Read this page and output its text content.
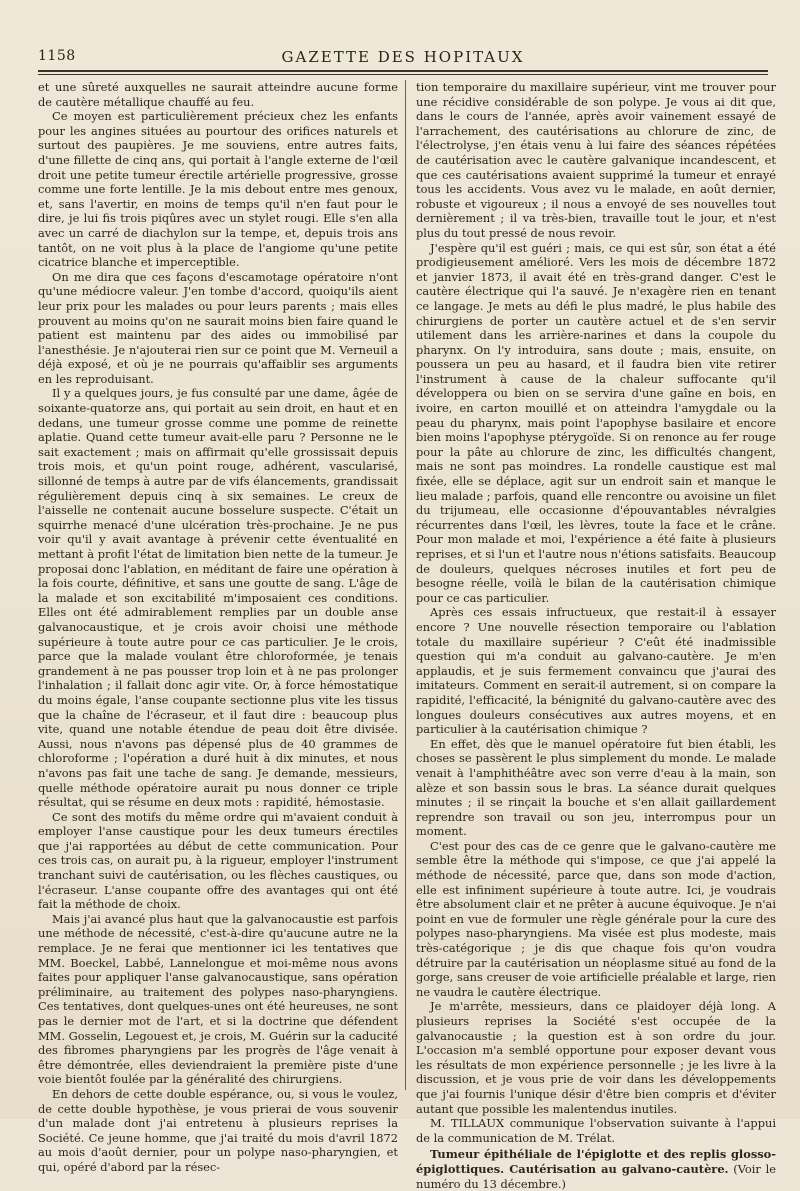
1158	GAZETTE DES HOPITAUX

et une sûreté auxquelles ne saurait atteindre aucune forme de cautère métallique chauffé au feu.

Ce moyen est particulièrement précieux chez les enfants pour les angines situées au pourtour des orifices naturels et surtout des paupières. Je me souviens, entre autres faits, d'une fillette de cinq ans, qui portait à l'angle externe de l'œil droit une petite tumeur érectile artérielle progressive, grosse comme une forte lentille. Je la mis debout entre mes genoux, et, sans l'avertir, en moins de temps qu'il n'en faut pour le dire, je lui fis trois piqûres avec un stylet rougi. Elle s'en alla avec un carré de diachylon sur la tempe, et, depuis trois ans tantôt, on ne voit plus à la place de l'angiome qu'une petite cicatrice blanche et imperceptible.

On me dira que ces façons d'escamotage opératoire n'ont qu'une médiocre valeur. J'en tombe d'accord, quoiqu'ils aient leur prix pour les malades ou pour leurs parents ; mais elles prouvent au moins qu'on ne saurait moins bien faire quand le patient est maintenu par des aides ou immobilisé par l'anesthésie. Je n'ajouterai rien sur ce point que M. Verneuil a déjà exposé, et où je ne pourrais qu'affaiblir ses arguments en les reproduisant.

Il y a quelques jours, je fus consulté par une dame, âgée de soixante-quatorze ans, qui portait au sein droit, en haut et en dedans, une tumeur grosse comme une pomme de reinette aplatie. Quand cette tumeur avait-elle paru ? Personne ne le sait exactement ; mais on affirmait qu'elle grossissait depuis trois mois, et qu'un point rouge, adhérent, vascularisé, sillonné de temps à autre par de vifs élancements, grandissait régulièrement depuis cinq à six semaines. Le creux de l'aisselle ne contenait aucune bosselure suspecte. C'était un squirrhe menacé d'une ulcération très-prochaine. Je ne pus voir qu'il y avait avantage à prévenir cette éventualité en mettant à profit l'état de limitation bien nette de la tumeur. Je proposai donc l'ablation, en méditant de faire une opération à la fois courte, définitive, et sans une goutte de sang. L'âge de la malade et son excitabilité m'imposaient ces conditions. Elles ont été admirablement remplies par un double anse galvanocaustique, et je crois avoir choisi une méthode supérieure à toute autre pour ce cas particulier. Je le crois, parce que la malade voulant être chloroformée, je tenais grandement à ne pas pousser trop loin et à ne pas prolonger l'inhalation ; il fallait donc agir vite. Or, à force hémostatique du moins égale, l'anse coupante sectionne plus vite les tissus que la chaîne de l'écraseur, et il faut dire : beaucoup plus vite, quand une notable étendue de peau doit être divisée. Aussi, nous n'avons pas dépensé plus de 40 grammes de chloroforme ; l'opération a duré huit à dix minutes, et nous n'avons pas fait une tache de sang. Je demande, messieurs, quelle méthode opératoire aurait pu nous donner ce triple résultat, qui se résume en deux mots : rapidité, hémostasie.

Ce sont des motifs du même ordre qui m'avaient conduit à employer l'anse caustique pour les deux tumeurs érectiles que j'ai rapportées au début de cette communication. Pour ces trois cas, on aurait pu, à la rigueur, employer l'instrument tranchant suivi de cautérisation, ou les flèches caustiques, ou l'écraseur. L'anse coupante offre des avantages qui ont été fait la méthode de choix.

Mais j'ai avancé plus haut que la galvanocaustie est parfois une méthode de nécessité, c'est-à-dire qu'aucune autre ne la remplace. Je ne ferai que mentionner ici les tentatives que MM. Boeckel, Labbé, Lannelongue et moi-même nous avons faites pour appliquer l'anse galvanocaustique, sans opération préliminaire, au traitement des polypes naso-pharyngiens. Ces tentatives, dont quelques-unes ont été heureuses, ne sont pas le dernier mot de l'art, et si la doctrine que défendent MM. Gosselin, Legouest et, je crois, M. Guérin sur la caducité des fibromes pharyngiens par les progrès de l'âge venait à être démontrée, elles deviendraient la première piste d'une voie bientôt foulée par la généralité des chirurgiens.

En dehors de cette double espérance, ou, si vous le voulez, de cette double hypothèse, je vous prierai de vous souvenir d'un malade dont j'ai entretenu à plusieurs reprises la Société. Ce jeune homme, que j'ai traité du mois d'avril 1872 au mois d'août dernier, pour un polype naso-pharyngien, et qui, opéré d'abord par la résec-

tion temporaire du maxillaire supérieur, vint me trouver pour une récidive considérable de son polype. Je vous ai dit que, dans le cours de l'année, après avoir vainement essayé de l'arrachement, des cautérisations au chlorure de zinc, de l'électrolyse, j'en étais venu à lui faire des séances répétées de cautérisation avec le cautère galvanique incandescent, et que ces cautérisations avaient supprimé la tumeur et enrayé tous les accidents. Vous avez vu le malade, en août dernier, robuste et vigoureux ; il nous a envoyé de ses nouvelles tout dernièrement ; il va très-bien, travaille tout le jour, et n'est plus du tout pressé de nous revoir.

J'espère qu'il est guéri ; mais, ce qui est sûr, son état a été prodigieusement amélioré. Vers les mois de décembre 1872 et janvier 1873, il avait été en très-grand danger. C'est le cautère électrique qui l'a sauvé. Je n'exagère rien en tenant ce langage. Je mets au défi le plus madré, le plus habile des chirurgiens de porter un cautère actuel et de s'en servir utilement dans les arrière-narines et dans la coupole du pharynx. On l'y introduira, sans doute ; mais, ensuite, on poussera un peu au hasard, et il faudra bien vite retirer l'instrument à cause de la chaleur suffocante qu'il développera ou bien on se servira d'une gaîne en bois, en ivoire, en carton mouillé et on atteindra l'amygdale ou la peau du pharynx, mais point l'apophyse basilaire et encore bien moins l'apophyse ptérygoïde. Si on renonce au fer rouge pour la pâte au chlorure de zinc, les difficultés changent, mais ne sont pas moindres. La rondelle caustique est mal fixée, elle se déplace, agit sur un endroit sain et manque le lieu malade ; parfois, quand elle rencontre ou avoisine un filet du trijumeau, elle occasionne d'épouvantables névralgies récurrentes dans l'œil, les lèvres, toute la face et le crâne. Pour mon malade et moi, l'expérience a été faite à plusieurs reprises, et si l'un et l'autre nous n'étions satisfaits. Beaucoup de douleurs, quelques nécroses inutiles et fort peu de besogne réelle, voilà le bilan de la cautérisation chimique pour ce cas particulier.

Après ces essais infructueux, que restait-il à essayer encore ? Une nouvelle résection temporaire ou l'ablation totale du maxillaire supérieur ? C'eût été inadmissible question qui m'a conduit au galvano-cautère. Je m'en applaudis, et je suis fermement convaincu que j'aurai des imitateurs. Comment en serait-il autrement, si on compare la rapidité, l'efficacité, la bénignité du galvano-cautère avec des longues douleurs consécutives aux autres moyens, et en particulier à la cautérisation chimique ?

En effet, dès que le manuel opératoire fut bien établi, les choses se passèrent le plus simplement du monde. Le malade venait à l'amphithéâtre avec son verre d'eau à la main, son alèze et son bassin sous le bras. La séance durait quelques minutes ; il se rinçait la bouche et s'en allait gaillardement reprendre son travail ou son jeu, interrompus pour un moment.

C'est pour des cas de ce genre que le galvano-cautère me semble être la méthode qui s'impose, ce que j'ai appelé la méthode de nécessité, parce que, dans son mode d'action, elle est infiniment supérieure à toute autre. Ici, je voudrais être absolument clair et ne prêter à aucune équivoque. Je n'ai point en vue de formuler une règle générale pour la cure des polypes naso-pharyngiens. Ma visée est plus modeste, mais très-catégorique ; je dis que chaque fois qu'on voudra détruire par la cautérisation un néoplasme situé au fond de la gorge, sans creuser de voie artificielle préalable et large, rien ne vaudra le cautère électrique.

Je m'arrête, messieurs, dans ce plaidoyer déjà long. A plusieurs reprises la Société s'est occupée de la galvanocaustie ; la question est à son ordre du jour. L'occasion m'a semblé opportune pour exposer devant vous les résultats de mon expérience personnelle ; je les livre à la discussion, et je vous prie de voir dans les développements que j'ai fournis l'unique désir d'être bien compris et d'éviter autant que possible les malentendus inutiles.

M. TILLAUX communique l'observation suivante à l'appui de la communication de M. Trélat.

Tumeur épithéliale de l'épiglotte et des replis glosso-épiglottiques. Cautérisation au galvano-cautère. (Voir le numéro du 13 décembre.)
